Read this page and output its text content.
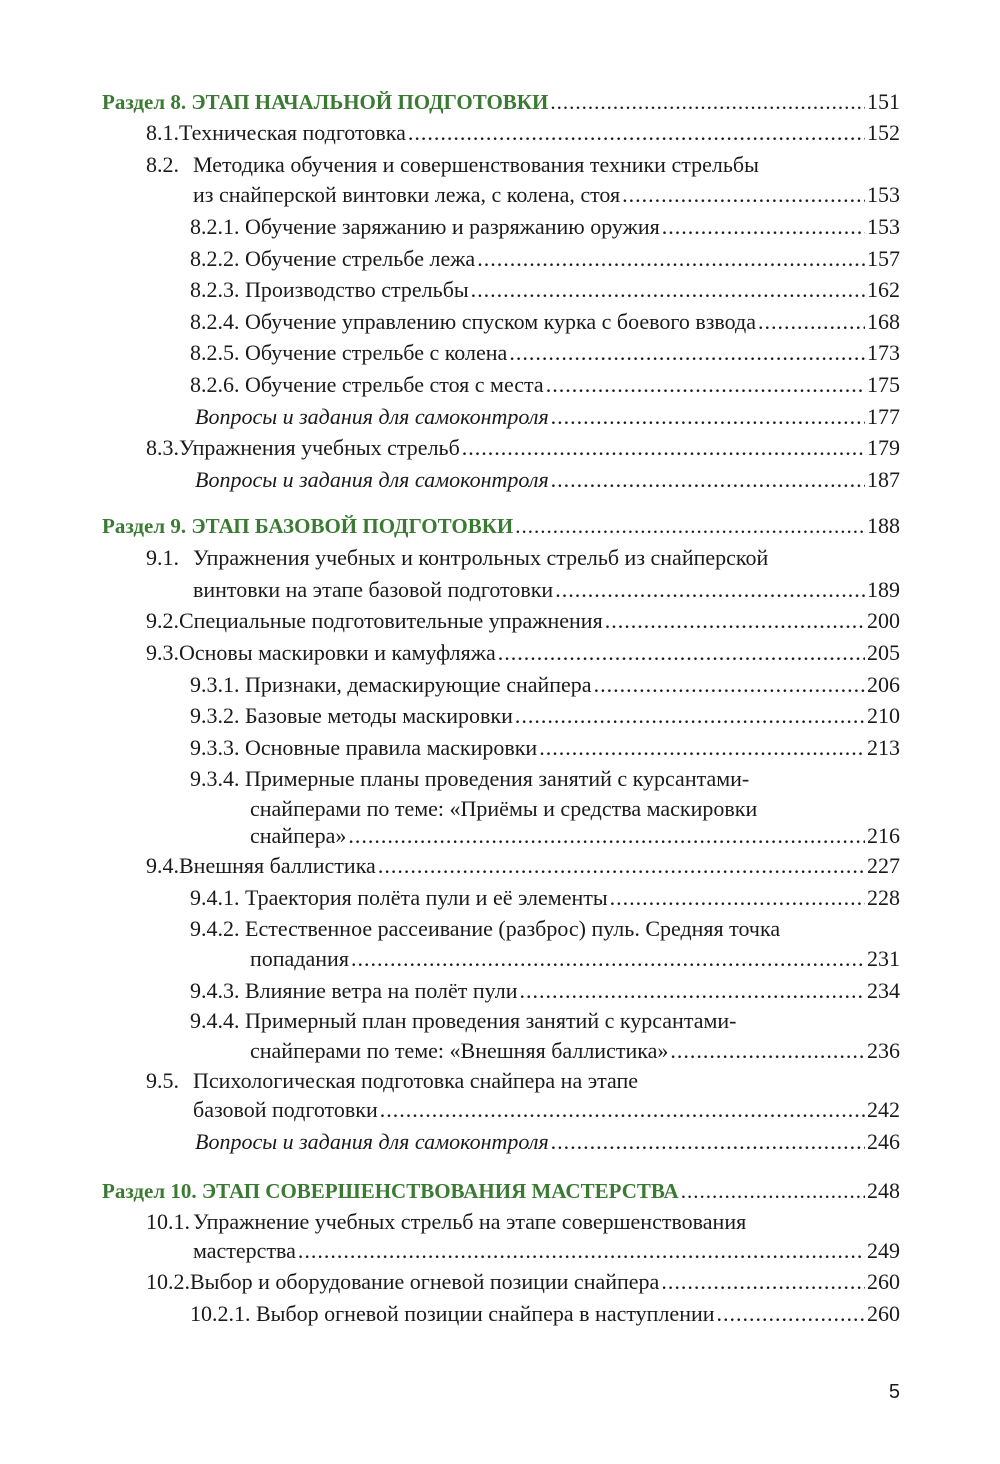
Раздел 8. ЭТАП НАЧАЛЬНОЙ ПОДГОТОВКИ .....	151
8.1. Техническая подготовка .....	152
8.2. Методика обучения и совершенствования техники стрельбы
из снайперской винтовки лежа, с колена, стоя .....	153
8.2.1. Обучение заряжанию и разряжанию оружия .....	153
8.2.2. Обучение стрельбе лежа .....	157
8.2.3. Производство стрельбы .....	162
8.2.4. Обучение управлению спуском курка с боевого взвода .....	168
8.2.5. Обучение стрельбе с колена .....	173
8.2.6. Обучение стрельбе стоя с места .....	175
Вопросы и задания для самоконтроля .....	177
8.3. Упражнения учебных стрельб .....	179
Вопросы и задания для самоконтроля .....	187
Раздел 9. ЭТАП БАЗОВОЙ ПОДГОТОВКИ .....	188
9.1. Упражнения учебных и контрольных стрельб из снайперской
винтовки на этапе базовой подготовки .....	189
9.2. Специальные подготовительные упражнения .....	200
9.3. Основы маскировки и камуфляжа .....	205
9.3.1. Признаки, демаскирующие снайпера .....	206
9.3.2. Базовые методы маскировки .....	210
9.3.3. Основные правила маскировки .....	213
9.3.4. Примерные планы проведения занятий с курсантами-
снайперами по теме: «Приёмы и средства маскировки
снайпера» .....	216
9.4. Внешняя баллистика .....	227
9.4.1. Траектория полёта пули и её элементы .....	228
9.4.2. Естественное рассеивание (разброс) пуль. Средняя точка
попадания .....	231
9.4.3. Влияние ветра на полёт пули .....	234
9.4.4. Примерный план проведения занятий с курсантами-
снайперами по теме: «Внешняя баллистика» .....	236
9.5. Психологическая подготовка снайпера на этапе
базовой подготовки .....	242
Вопросы и задания для самоконтроля .....	246
Раздел 10. ЭТАП СОВЕРШЕНСТВОВАНИЯ МАСТЕРСТВА .....	248
10.1. Упражнение учебных стрельб на этапе совершенствования
мастерства .....	249
10.2. Выбор и оборудование огневой позиции снайпера .....	260
10.2.1. Выбор огневой позиции снайпера в наступлении .....	260
5
